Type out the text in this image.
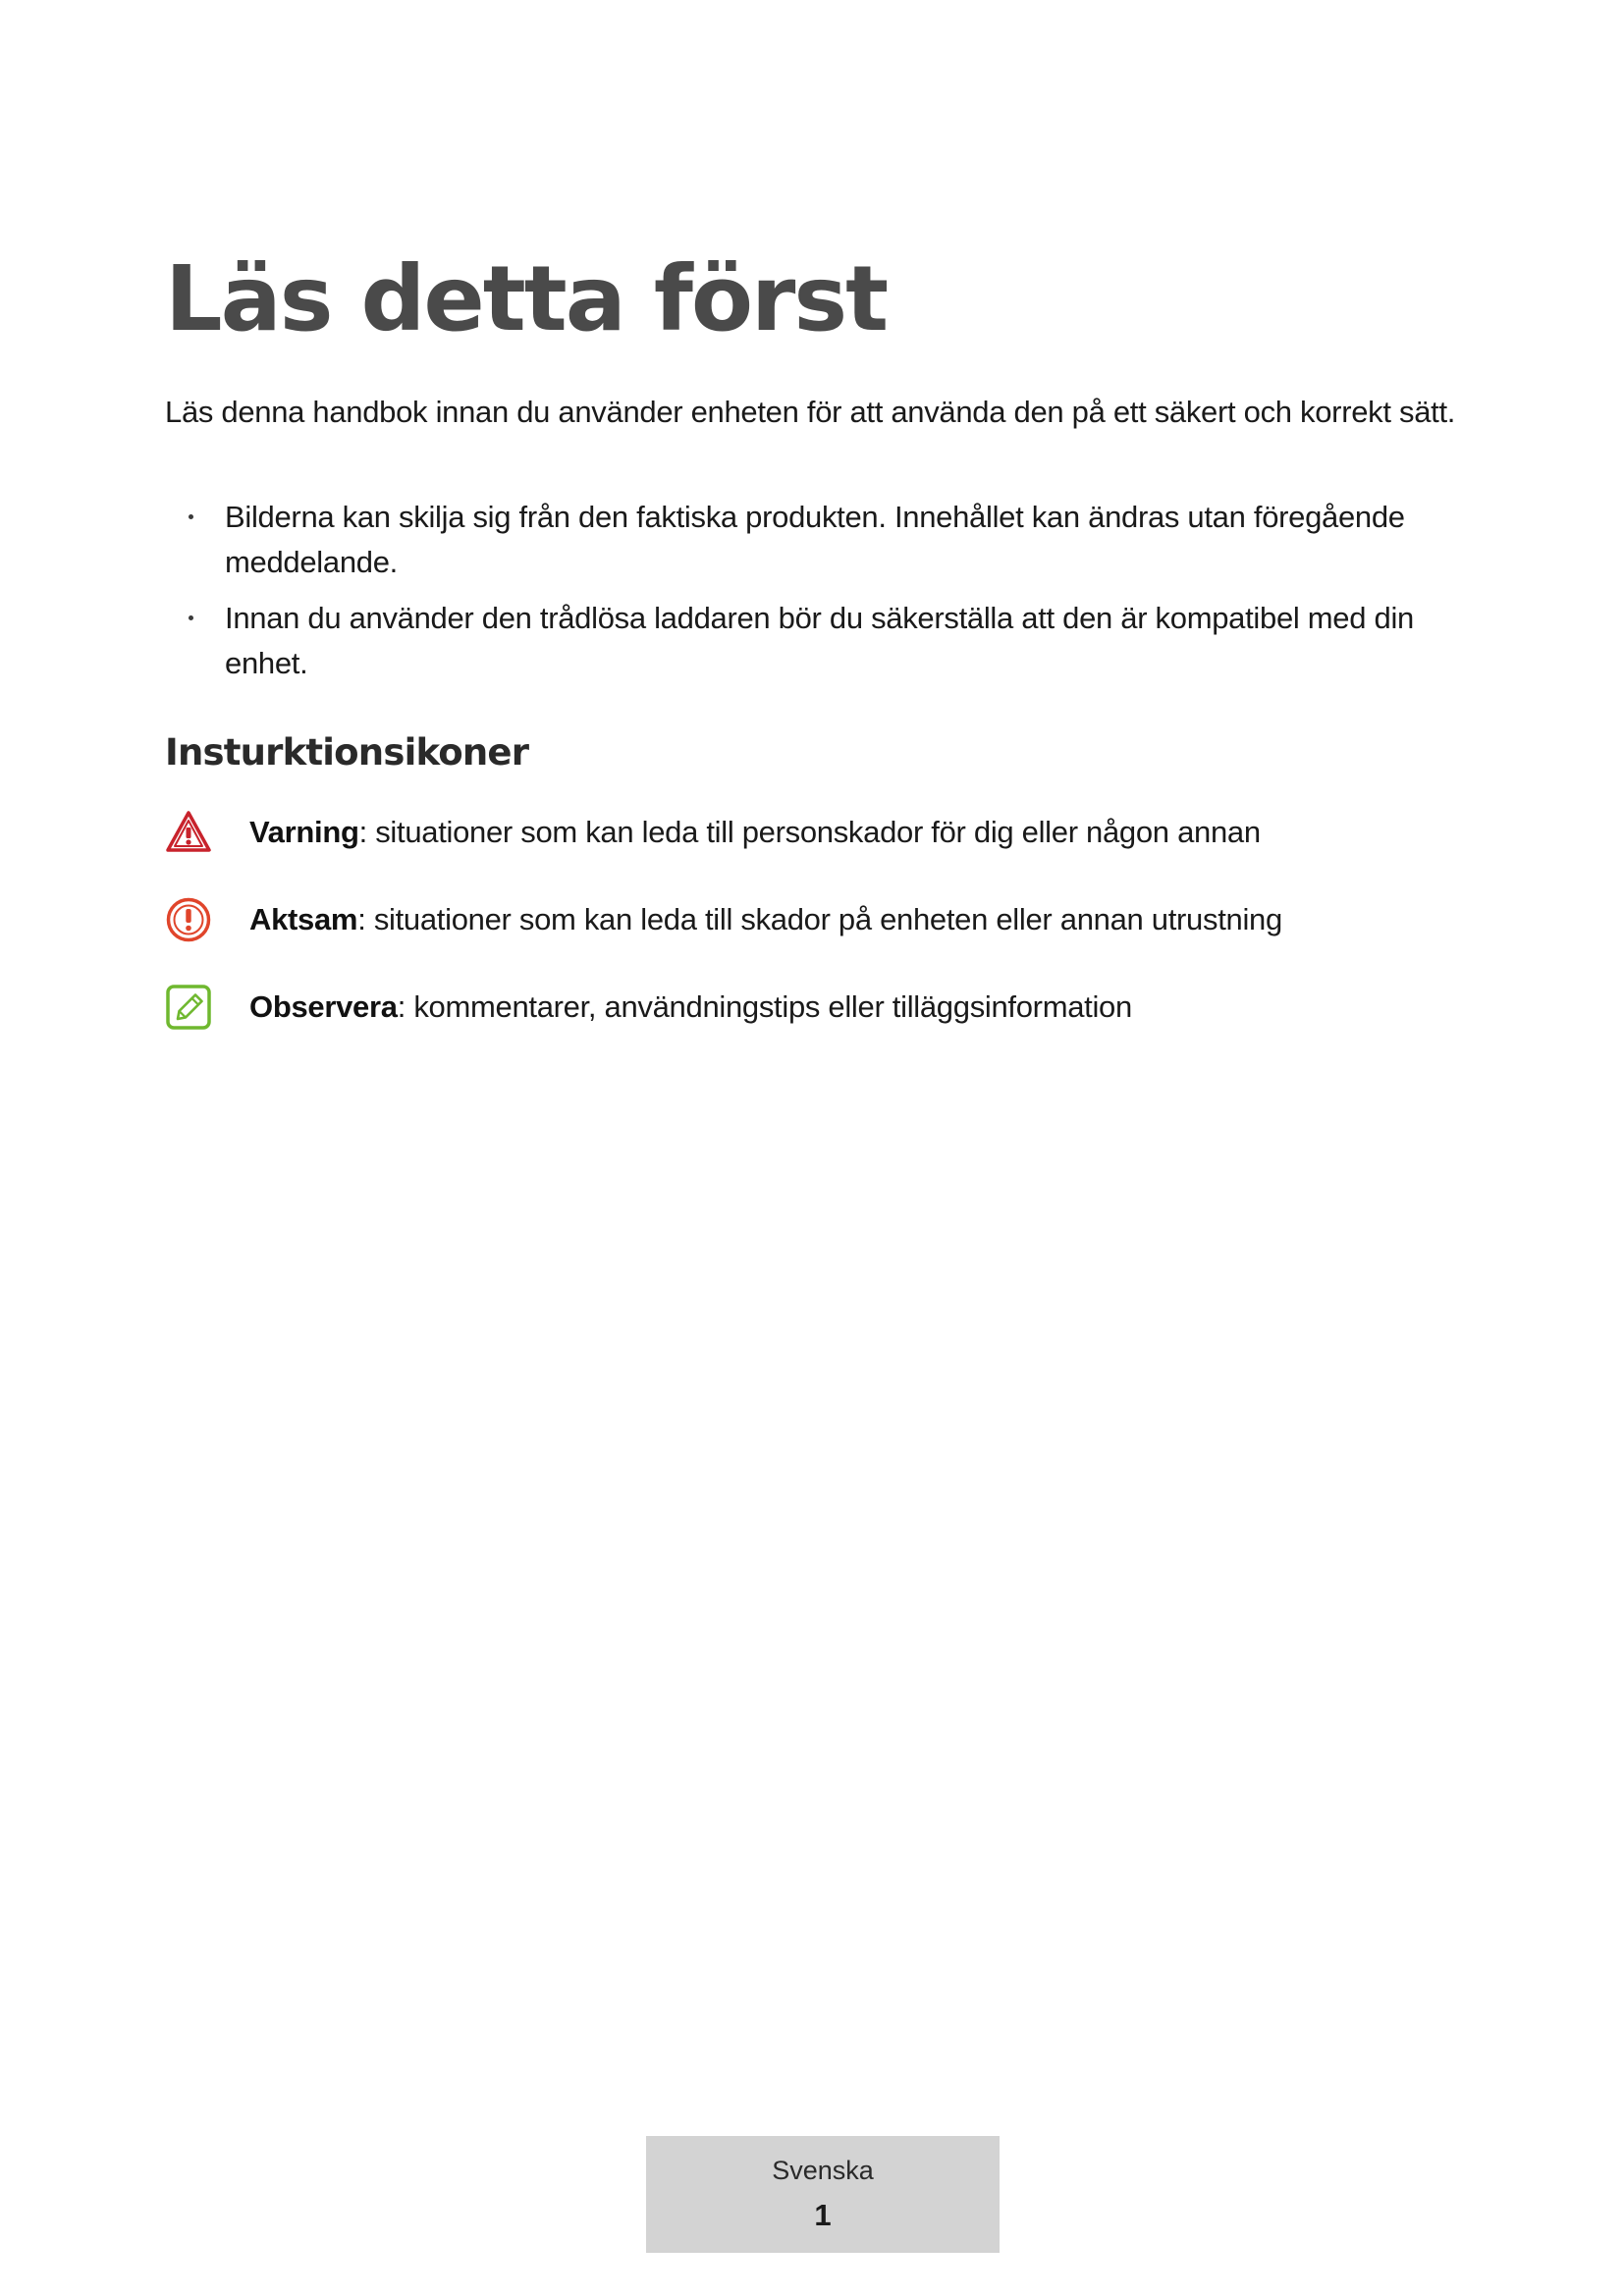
Läs detta först

Läs denna handbok innan du använder enheten för att använda den på ett säkert och korrekt sätt.

Bilderna kan skilja sig från den faktiska produkten. Innehållet kan ändras utan föregående meddelande.
Innan du använder den trådlösa laddaren bör du säkerställa att den är kompatibel med din enhet.
Insturktionsikoner
Varning: situationer som kan leda till personskador för dig eller någon annan
Aktsam: situationer som kan leda till skador på enheten eller annan utrustning
Observera: kommentarer, användningstips eller tilläggsinformation
Svenska
1
